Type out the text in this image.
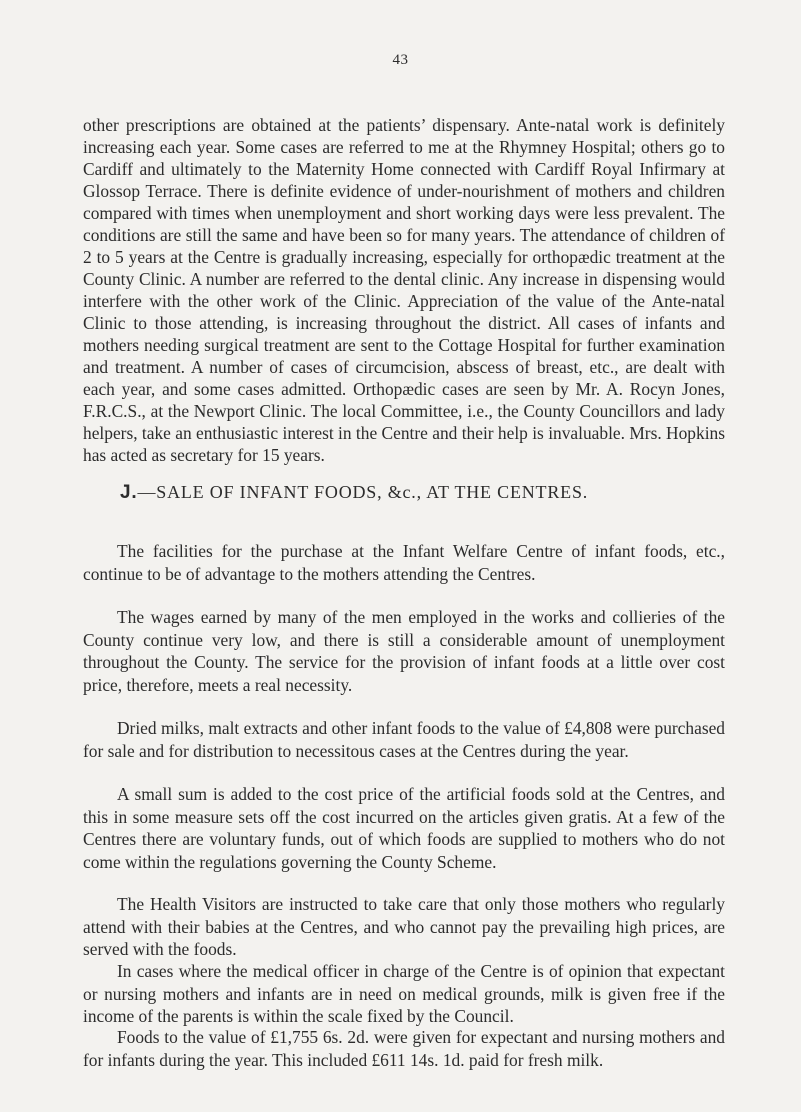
43

other prescriptions are obtained at the patients’ dispensary. Ante-natal work is definitely increasing each year. Some cases are referred to me at the Rhymney Hospital; others go to Cardiff and ultimately to the Maternity Home connected with Cardiff Royal Infirmary at Glossop Terrace. There is definite evidence of under-nourishment of mothers and children compared with times when unemployment and short working days were less prevalent. The conditions are still the same and have been so for many years. The attendance of children of 2 to 5 years at the Centre is gradually increasing, especially for orthopædic treatment at the County Clinic. A number are referred to the dental clinic. Any increase in dispensing would interfere with the other work of the Clinic. Appreciation of the value of the Ante-natal Clinic to those attending, is increasing throughout the district. All cases of infants and mothers needing surgical treatment are sent to the Cottage Hospital for further examination and treatment. A number of cases of circumcision, abscess of breast, etc., are dealt with each year, and some cases admitted. Orthopædic cases are seen by Mr. A. Rocyn Jones, F.R.C.S., at the Newport Clinic. The local Committee, i.e., the County Councillors and lady helpers, take an enthusiastic interest in the Centre and their help is invaluable. Mrs. Hopkins has acted as secretary for 15 years.

J.—SALE OF INFANT FOODS, &c., AT THE CENTRES.

The facilities for the purchase at the Infant Welfare Centre of infant foods, etc., continue to be of advantage to the mothers attending the Centres.

The wages earned by many of the men employed in the works and collieries of the County continue very low, and there is still a considerable amount of unemployment throughout the County. The service for the provision of infant foods at a little over cost price, therefore, meets a real necessity.

Dried milks, malt extracts and other infant foods to the value of £4,808 were purchased for sale and for distribution to necessitous cases at the Centres during the year.

A small sum is added to the cost price of the artificial foods sold at the Centres, and this in some measure sets off the cost incurred on the articles given gratis. At a few of the Centres there are voluntary funds, out of which foods are supplied to mothers who do not come within the regulations governing the County Scheme.

The Health Visitors are instructed to take care that only those mothers who regularly attend with their babies at the Centres, and who cannot pay the prevailing high prices, are served with the foods.

In cases where the medical officer in charge of the Centre is of opinion that expectant or nursing mothers and infants are in need on medical grounds, milk is given free if the income of the parents is within the scale fixed by the Council.

Foods to the value of £1,755 6s. 2d. were given for expectant and nursing mothers and for infants during the year. This included £611 14s. 1d. paid for fresh milk.
